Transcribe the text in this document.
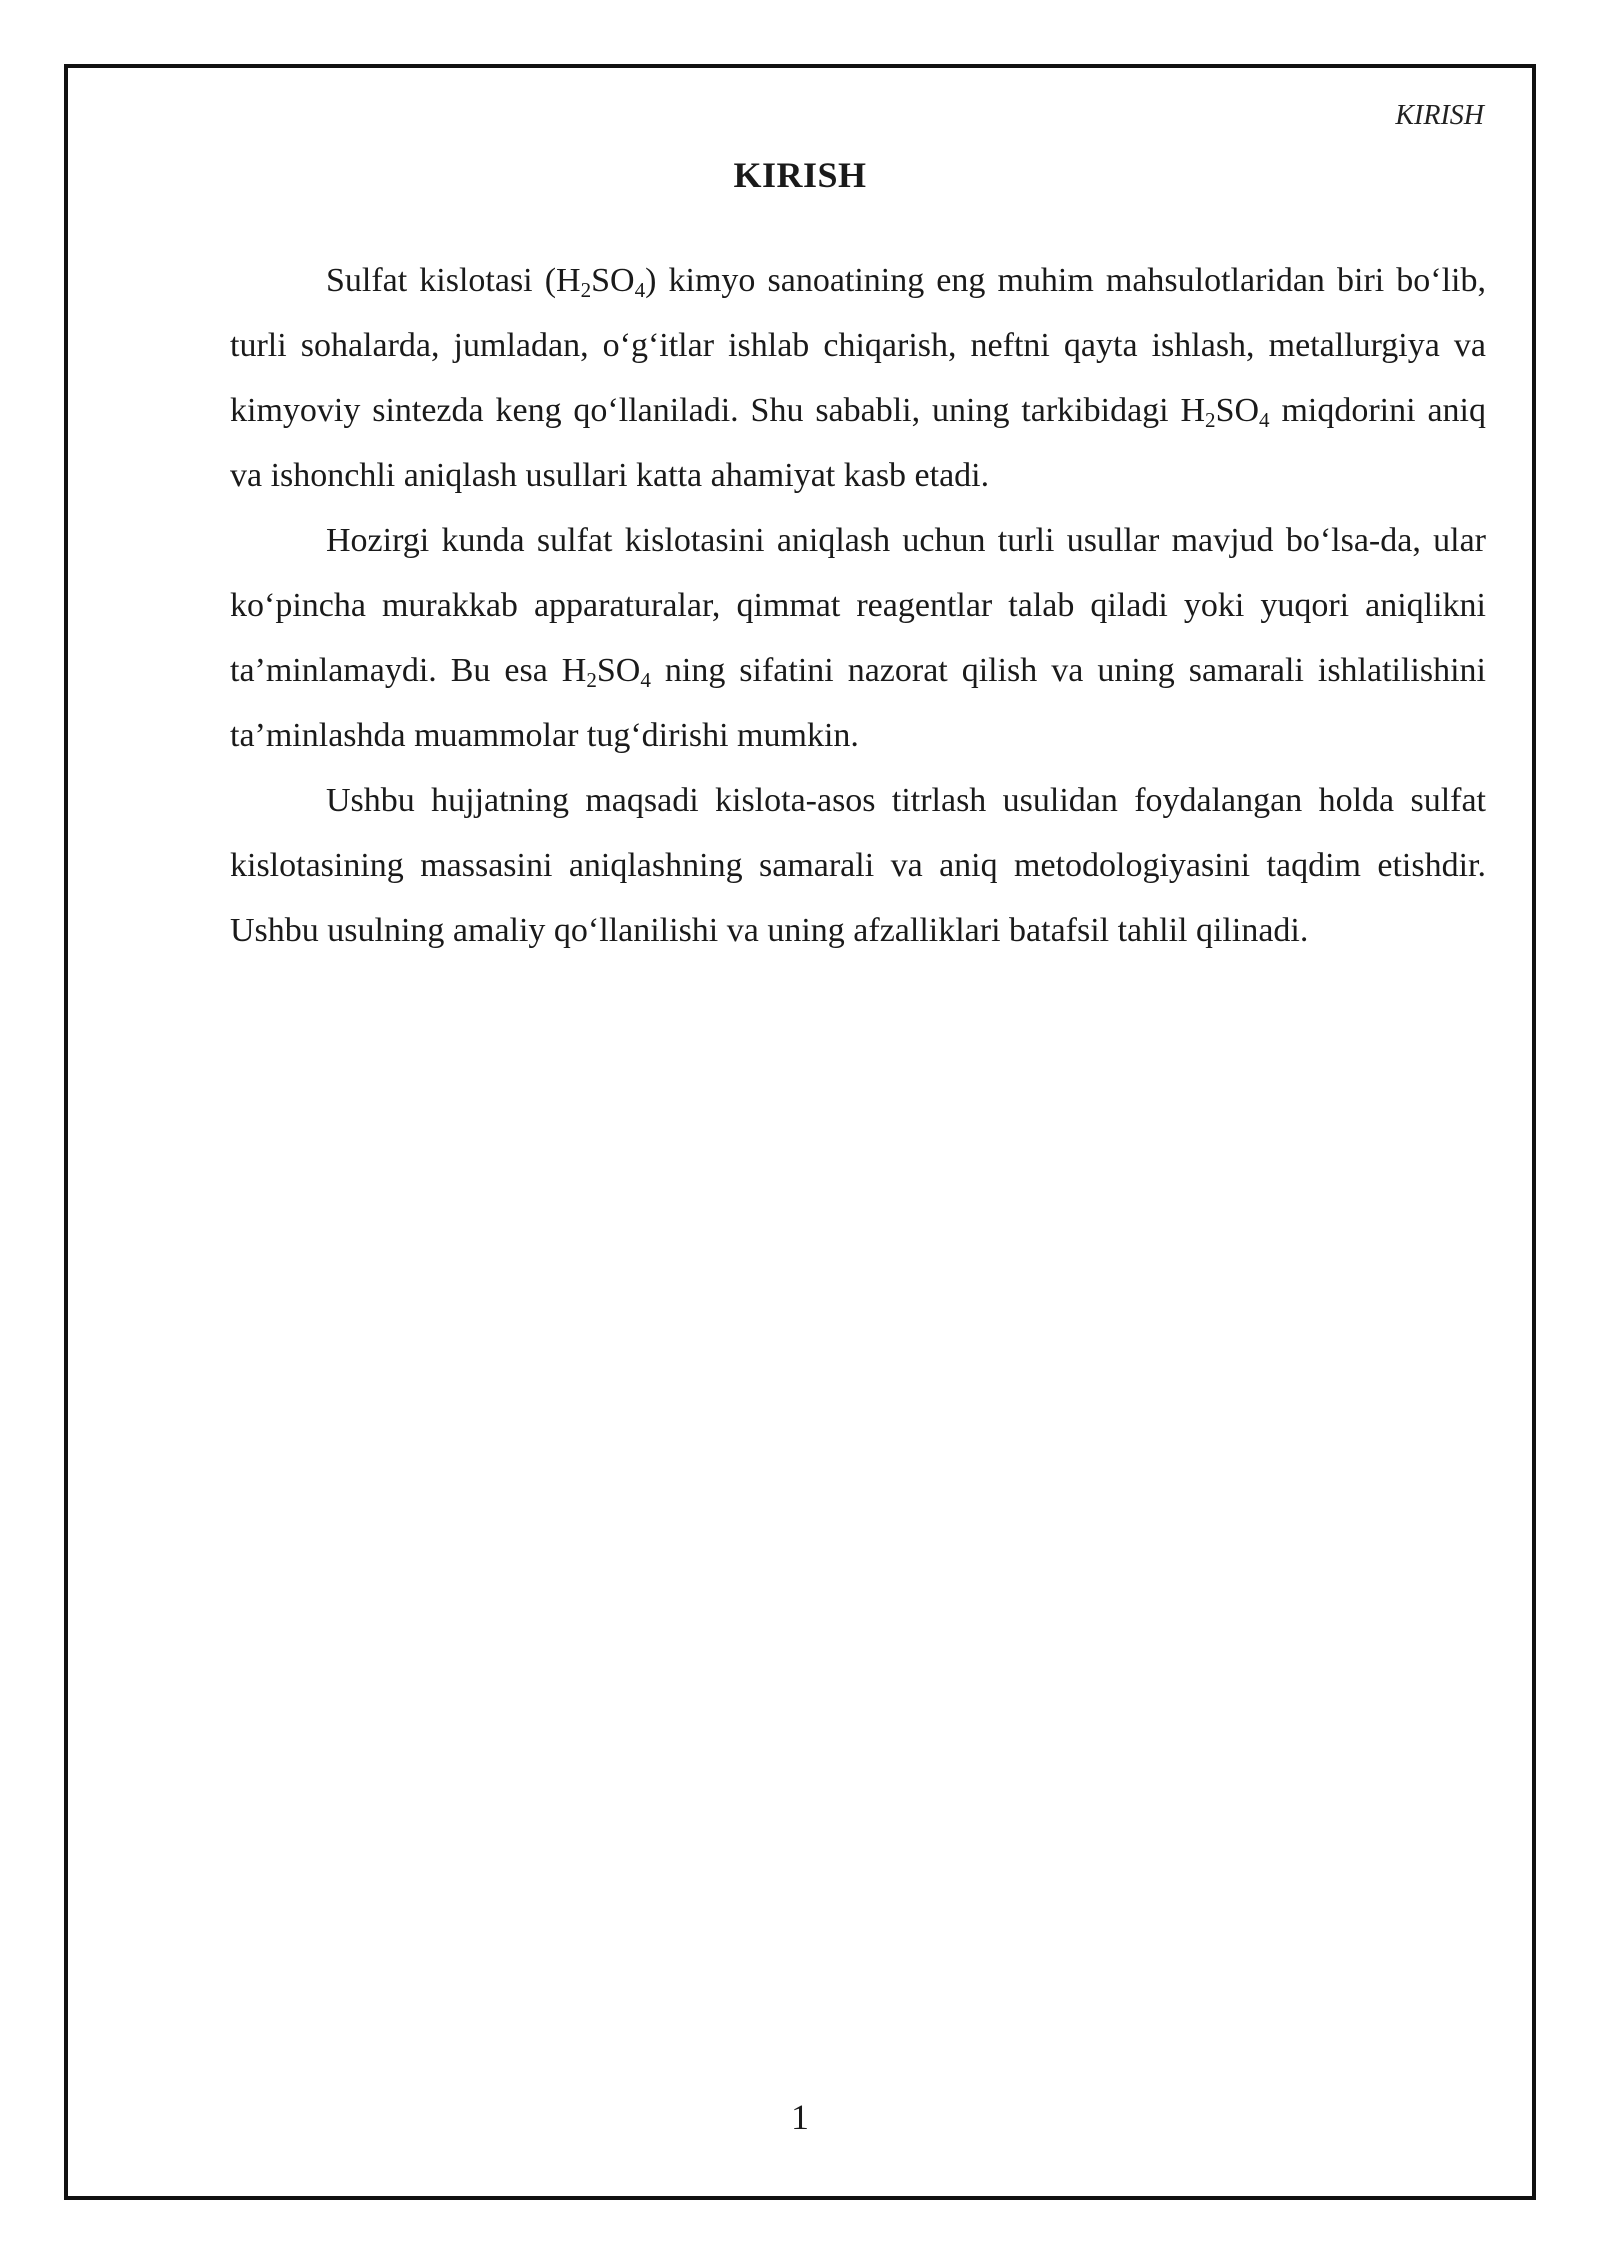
KIRISH
KIRISH

Sulfat kislotasi $(H_2SO_4)$ kimyo sanoatining eng muhim mahsulotlaridan biri bo‘lib, turli sohalarda, jumladan, o‘g‘itlar ishlab chiqarish, neftni qayta ishlash, metallurgiya va kimyoviy sintezda keng qo‘llaniladi. Shu sababli, uning tarkibidagi $H_2SO_4$ miqdorini aniq va ishonchli aniqlash usullari katta ahamiyat kasb etadi.

Hozirgi kunda sulfat kislotasini aniqlash uchun turli usullar mavjud bo‘lsa-da, ular ko‘pincha murakkab apparaturalar, qimmat reagentlar talab qiladi yoki yuqori aniqlikni ta’minlamaydi. Bu esa $H_2SO_4$ ning sifatini nazorat qilish va uning samarali ishlatilishini ta’minlashda muammolar tug‘dirishi mumkin.

Ushbu hujjatning maqsadi kislota-asos titrlash usulidan foydalangan holda sulfat kislotasining massasini aniqlashning samarali va aniq metodologiyasini taqdim etishdir. Ushbu usulning amaliy qo‘llanilishi va uning afzalliklari batafsil tahlil qilinadi.

1
